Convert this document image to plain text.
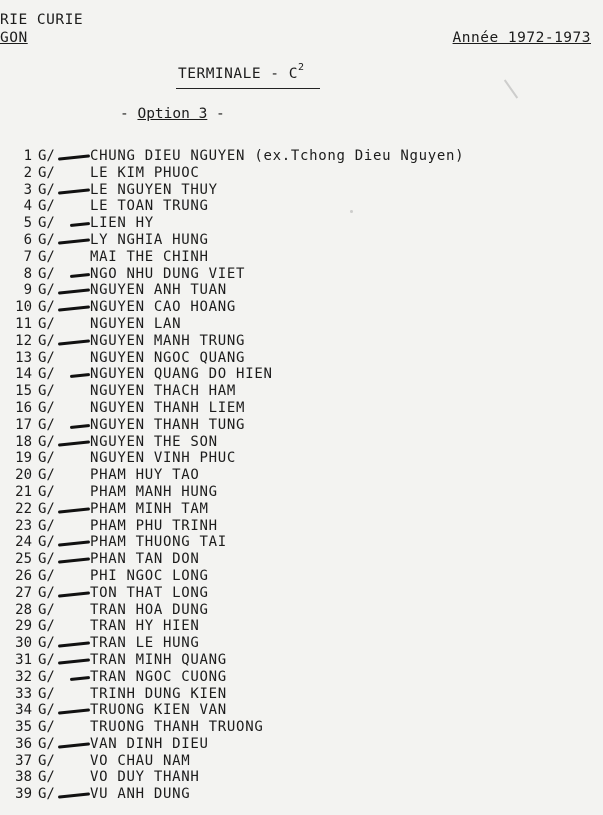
RIE CURIE
GON	Année 1972-1973
TERMINALE - $C^2$
- Option 3 -
1 G/	CHUNG DIEU NGUYEN (ex.Tchong Dieu Nguyen)
2 G/	LE KIM PHUOC
3 G/	LE NGUYEN THUY
4 G/	LE TOAN TRUNG
5 G/	LIEN HY
6 G/	LY NGHIA HUNG
7 G/	MAI THE CHINH
8 G/	NGO NHU DUNG VIET
9 G/	NGUYEN ANH TUAN
10 G/	NGUYEN CAO HOANG
11 G/	NGUYEN LAN
12 G/	NGUYEN MANH TRUNG
13 G/	NGUYEN NGOC QUANG
14 G/	NGUYEN QUANG DO HIEN
15 G/	NGUYEN THACH HAM
16 G/	NGUYEN THANH LIEM
17 G/	NGUYEN THANH TUNG
18 G/	NGUYEN THE SON
19 G/	NGUYEN VINH PHUC
20 G/	PHAM HUY TAO
21 G/	PHAM MANH HUNG
22 G/	PHAM MINH TAM
23 G/	PHAM PHU TRINH
24 G/	PHAM THUONG TAI
25 G/	PHAN TAN DON
26 G/	PHI NGOC LONG
27 G/	TON THAT LONG
28 G/	TRAN HOA DUNG
29 G/	TRAN HY HIEN
30 G/	TRAN LE HUNG
31 G/	TRAN MINH QUANG
32 G/	TRAN NGOC CUONG
33 G/	TRINH DUNG KIEN
34 G/	TRUONG KIEN VAN
35 G/	TRUONG THANH TRUONG
36 G/	VAN DINH DIEU
37 G/	VO CHAU NAM
38 G/	VO DUY THANH
39 G/	VU ANH DUNG
